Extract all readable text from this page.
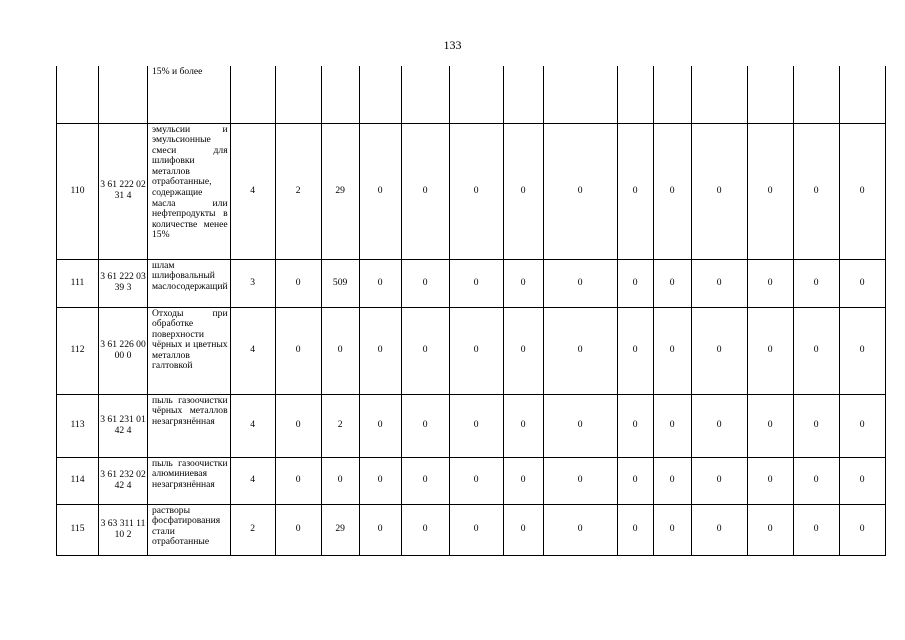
133
		15% и более														
110	3 61 222 02 31 4	эмульсии и эмульсионные смеси для шлифовки металлов отработанные, содержащие масла или нефтепродукты в количестве менее 15%	4	2	29	0	0	0	0	0	0	0	0	0	0	0
111	3 61 222 03 39 3	шлам шлифовальный маслосодержащий	3	0	509	0	0	0	0	0	0	0	0	0	0	0
112	3 61 226 00 00 0	Отходы при обработке поверхности чёрных и цветных металлов галтовкой	4	0	0	0	0	0	0	0	0	0	0	0	0	0
113	3 61 231 01 42 4	пыль газоочистки чёрных металлов незагрязнённая	4	0	2	0	0	0	0	0	0	0	0	0	0	0
114	3 61 232 02 42 4	пыль газоочистки алюминиевая незагрязнённая	4	0	0	0	0	0	0	0	0	0	0	0	0	0
115	3 63 311 11 10 2	растворы фосфатирования стали отработанные	2	0	29	0	0	0	0	0	0	0	0	0	0	0
